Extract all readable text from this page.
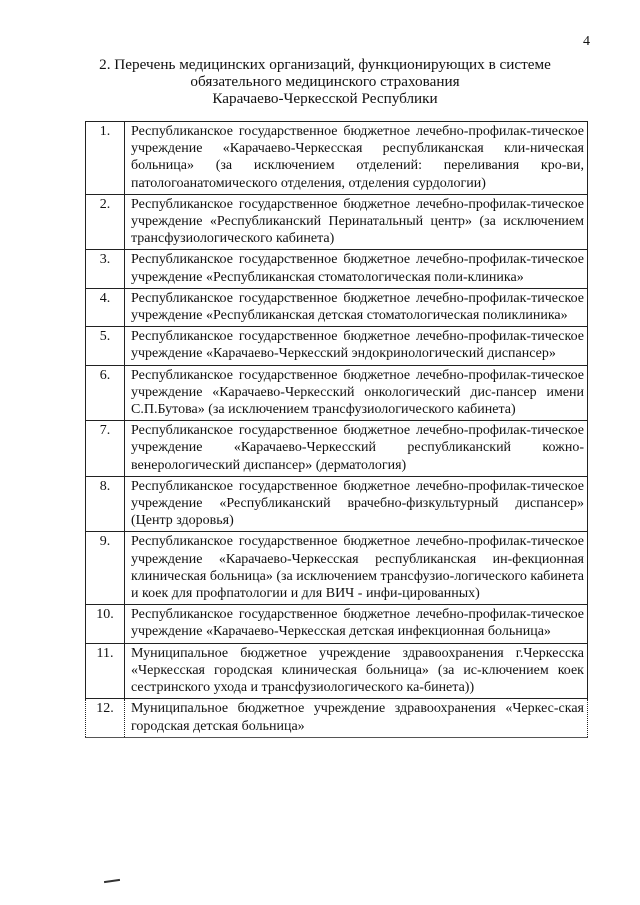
4
2. Перечень медицинских организаций, функционирующих в системе
обязательного медицинского страхования
Карачаево-Черкесской Республики
1.	Республиканское государственное бюджетное лечебно-профилак-тическое учреждение «Карачаево-Черкесская республиканская кли-ническая больница» (за исключением отделений: переливания кро-ви, патологоанатомического отделения, отделения сурдологии)
2.	Республиканское государственное бюджетное лечебно-профилак-тическое учреждение «Республиканский Перинатальный центр» (за исключением трансфузиологического кабинета)
3.	Республиканское государственное бюджетное лечебно-профилак-тическое учреждение «Республиканская стоматологическая поли-клиника»
4.	Республиканское государственное бюджетное лечебно-профилак-тическое учреждение «Республиканская детская стоматологическая поликлиника»
5.	Республиканское государственное бюджетное лечебно-профилак-тическое учреждение «Карачаево-Черкесский эндокринологический диспансер»
6.	Республиканское государственное бюджетное лечебно-профилак-тическое учреждение «Карачаево-Черкесский онкологический дис-пансер имени С.П.Бутова» (за исключением трансфузиологического кабинета)
7.	Республиканское государственное бюджетное лечебно-профилак-тическое учреждение «Карачаево-Черкесский республиканский кожно-венерологический диспансер» (дерматология)
8.	Республиканское государственное бюджетное лечебно-профилак-тическое учреждение «Республиканский врачебно-физкультурный диспансер» (Центр здоровья)
9.	Республиканское государственное бюджетное лечебно-профилак-тическое учреждение «Карачаево-Черкесская республиканская ин-фекционная клиническая больница» (за исключением трансфузио-логического кабинета и коек для профпатологии и для ВИЧ - инфи-цированных)
10.	Республиканское государственное бюджетное лечебно-профилак-тическое учреждение «Карачаево-Черкесская детская инфекционная больница»
11.	Муниципальное бюджетное учреждение здравоохранения г.Черкесска «Черкесская городская клиническая больница» (за ис-ключением коек сестринского ухода и трансфузиологического ка-бинета))
12.	Муниципальное бюджетное учреждение здравоохранения «Черкес-ская городская детская больница»
